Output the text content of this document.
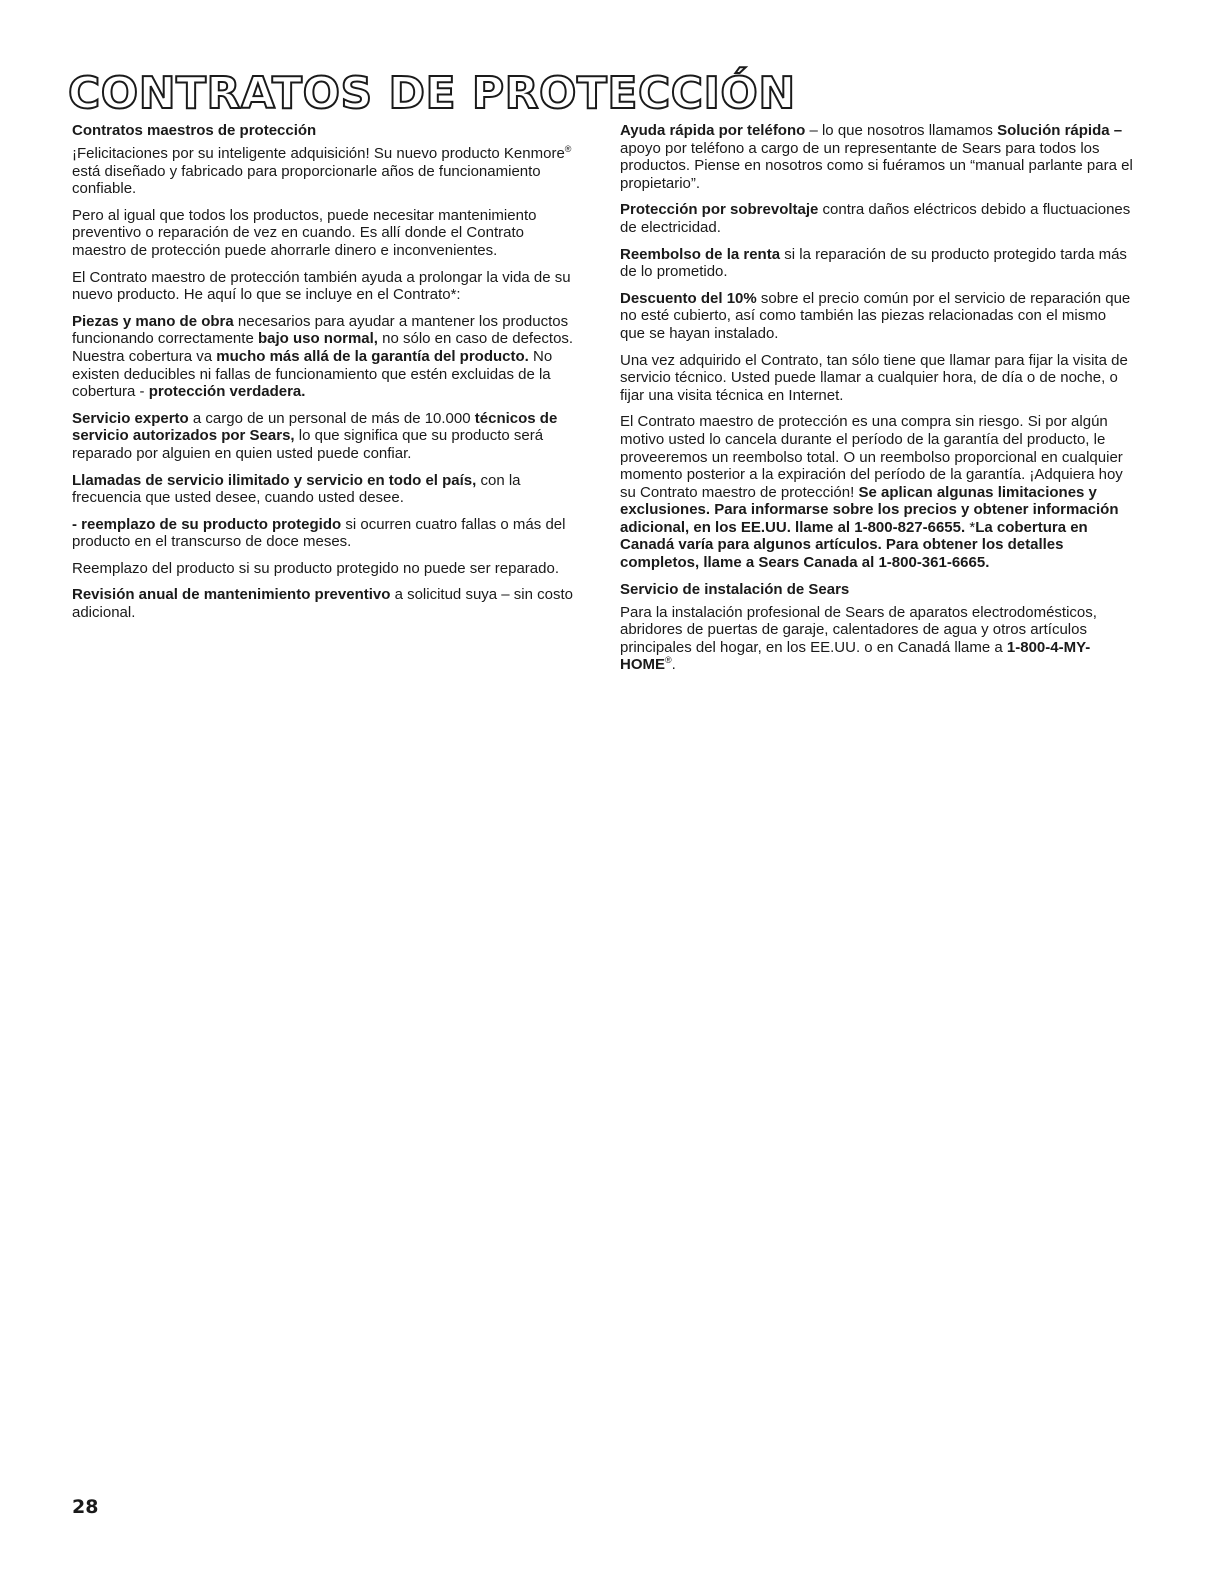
CONTRATOS DE PROTECCIÓN

Contratos maestros de protección

¡Felicitaciones por su inteligente adquisición! Su nuevo producto Kenmore® está diseñado y fabricado para proporcionarle años de funcionamiento confiable.

Pero al igual que todos los productos, puede necesitar mantenimiento preventivo o reparación de vez en cuando. Es allí donde el Contrato maestro de protección puede ahorrarle dinero e inconvenientes.

El Contrato maestro de protección también ayuda a prolongar la vida de su nuevo producto. He aquí lo que se incluye en el Contrato*:

Piezas y mano de obra necesarios para ayudar a mantener los productos funcionando correctamente bajo uso normal, no sólo en caso de defectos. Nuestra cobertura va mucho más allá de la garantía del producto. No existen deducibles ni fallas de funcionamiento que estén excluidas de la cobertura - protección verdadera.

Servicio experto a cargo de un personal de más de 10.000 técnicos de servicio autorizados por Sears, lo que significa que su producto será reparado por alguien en quien usted puede confiar.

Llamadas de servicio ilimitado y servicio en todo el país, con la frecuencia que usted desee, cuando usted desee.

- reemplazo de su producto protegido si ocurren cuatro fallas o más del producto en el transcurso de doce meses.

Reemplazo del producto si su producto protegido no puede ser reparado.

Revisión anual de mantenimiento preventivo a solicitud suya – sin costo adicional.

Ayuda rápida por teléfono – lo que nosotros llamamos Solución rápida – apoyo por teléfono a cargo de un representante de Sears para todos los productos. Piense en nosotros como si fuéramos un “manual parlante para el propietario”.

Protección por sobrevoltaje contra daños eléctricos debido a fluctuaciones de electricidad.

Reembolso de la renta si la reparación de su producto protegido tarda más de lo prometido.

Descuento del 10% sobre el precio común por el servicio de reparación que no esté cubierto, así como también las piezas relacionadas con el mismo que se hayan instalado.

Una vez adquirido el Contrato, tan sólo tiene que llamar para fijar la visita de servicio técnico. Usted puede llamar a cualquier hora, de día o de noche, o fijar una visita técnica en Internet.

El Contrato maestro de protección es una compra sin riesgo. Si por algún motivo usted lo cancela durante el período de la garantía del producto, le proveeremos un reembolso total. O un reembolso proporcional en cualquier momento posterior a la expiración del período de la garantía. ¡Adquiera hoy su Contrato maestro de protección! Se aplican algunas limitaciones y exclusiones. Para informarse sobre los precios y obtener información adicional, en los EE.UU. llame al 1-800-827-6655. *La cobertura en Canadá varía para algunos artículos. Para obtener los detalles completos, llame a Sears Canada al 1-800-361-6665.

Servicio de instalación de Sears

Para la instalación profesional de Sears de aparatos electrodomésticos, abridores de puertas de garaje, calentadores de agua y otros artículos principales del hogar, en los EE.UU. o en Canadá llame a 1-800-4-MY-HOME®.

28
